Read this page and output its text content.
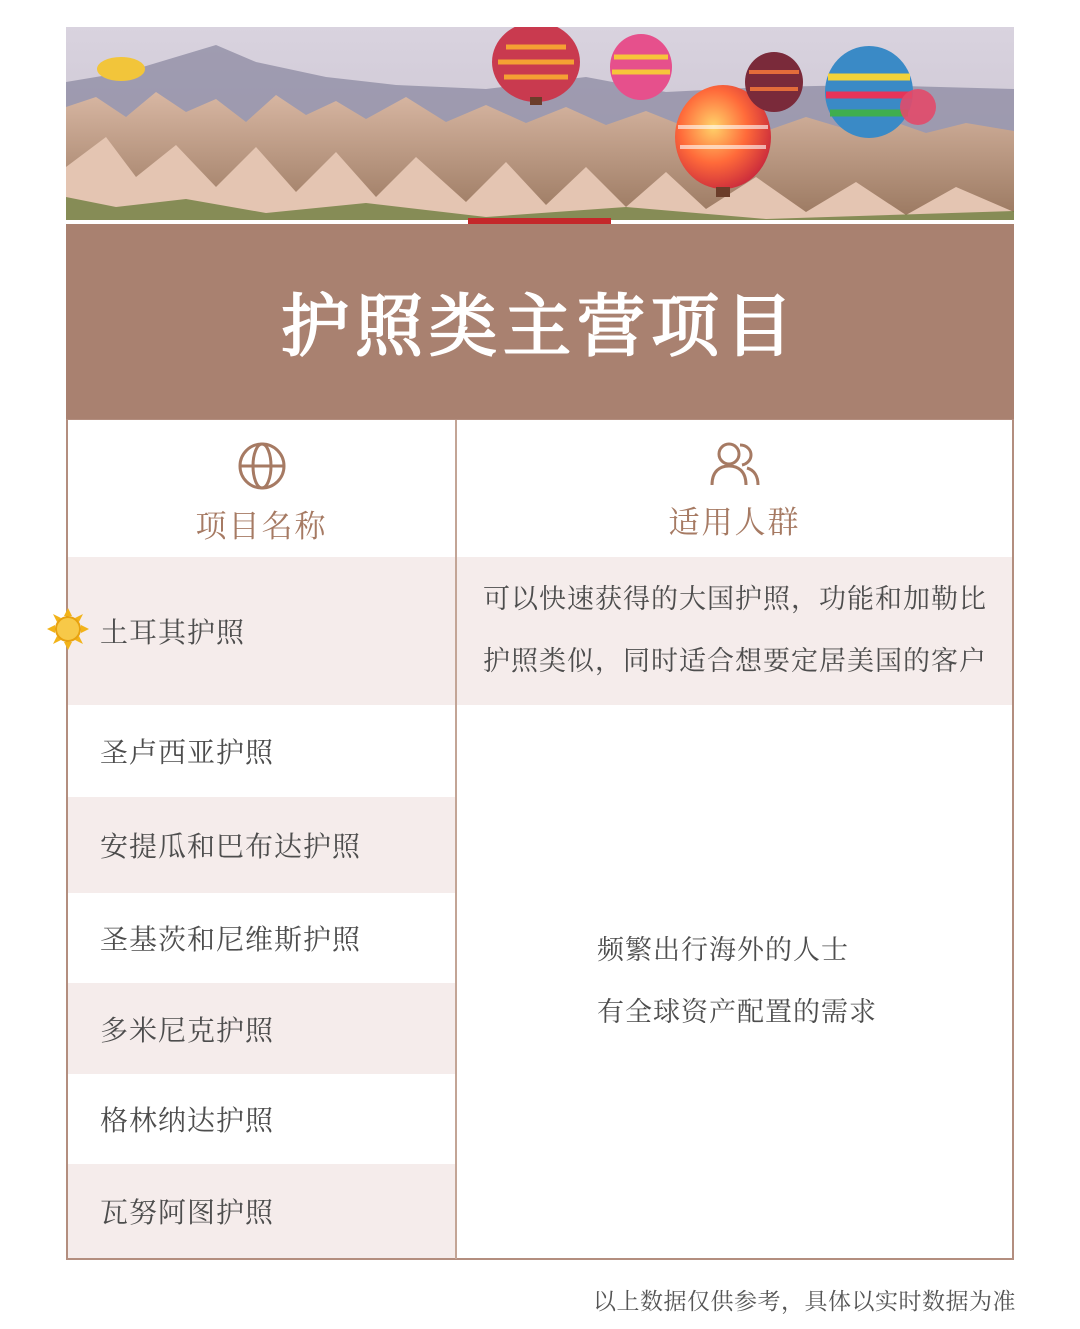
护照类主营项目
项目名称	适用人群
土耳其护照
圣卢西亚护照
安提瓜和巴布达护照
圣基茨和尼维斯护照
多米尼克护照
格林纳达护照
瓦努阿图护照
可以快速获得的大国护照，功能和加勒比
护照类似，同时适合想要定居美国的客户
频繁出行海外的人士
有全球资产配置的需求
以上数据仅供参考，具体以实时数据为准
